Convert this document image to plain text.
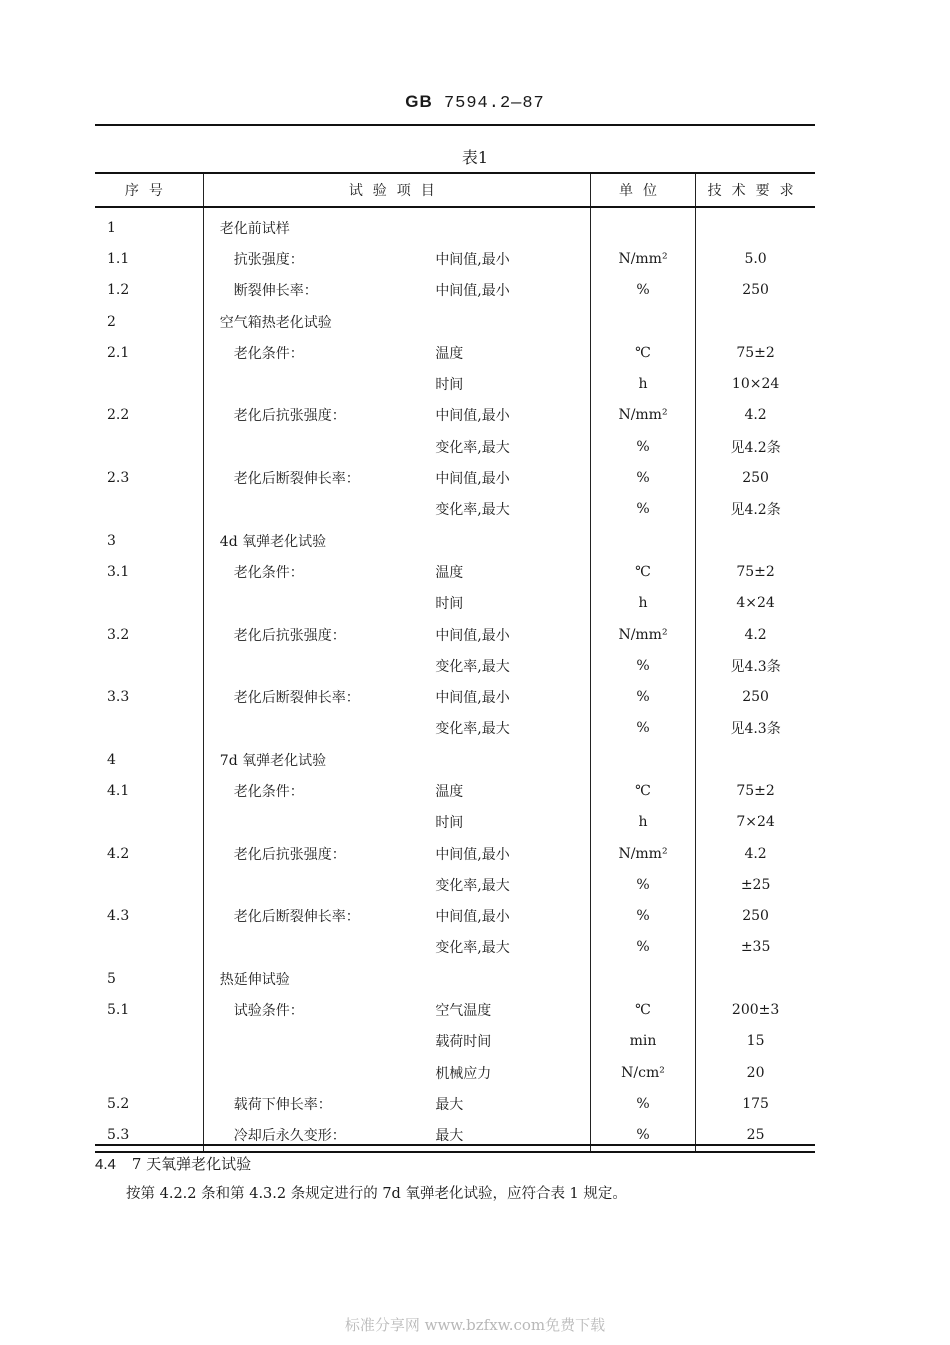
GB 7594.2—87
表1
序号	试验项目		单位	技术要求
1	老化前试样			
1.1	抗张强度：	中间值,最小	N/mm²	5.0
1.2	断裂伸长率：	中间值,最小	%	250
2	空气箱热老化试验			
2.1	老化条件：	温度	℃	75±2
		时间	h	10×24
2.2	老化后抗张强度：	中间值,最小	N/mm²	4.2
		变化率,最大	%	见4.2条
2.3	老化后断裂伸长率：	中间值,最小	%	250
		变化率,最大	%	见4.2条
3	4d 氧弹老化试验			
3.1	老化条件：	温度	℃	75±2
		时间	h	4×24
3.2	老化后抗张强度：	中间值,最小	N/mm²	4.2
		变化率,最大	%	见4.3条
3.3	老化后断裂伸长率：	中间值,最小	%	250
		变化率,最大	%	见4.3条
4	7d 氧弹老化试验			
4.1	老化条件：	温度	℃	75±2
		时间	h	7×24
4.2	老化后抗张强度：	中间值,最小	N/mm²	4.2
		变化率,最大	%	±25
4.3	老化后断裂伸长率：	中间值,最小	%	250
		变化率,最大	%	±35
5	热延伸试验			
5.1	试验条件：	空气温度	℃	200±3
		载荷时间	min	15
		机械应力	N/cm²	20
5.2	载荷下伸长率：	最大	%	175
5.3	冷却后永久变形：	最大	%	25
4.4 7 天氧弹老化试验
按第 4.2.2 条和第 4.3.2 条规定进行的 7d 氧弹老化试验，应符合表 1 规定。
标准分享网 www.bzfxw.com免费下载
